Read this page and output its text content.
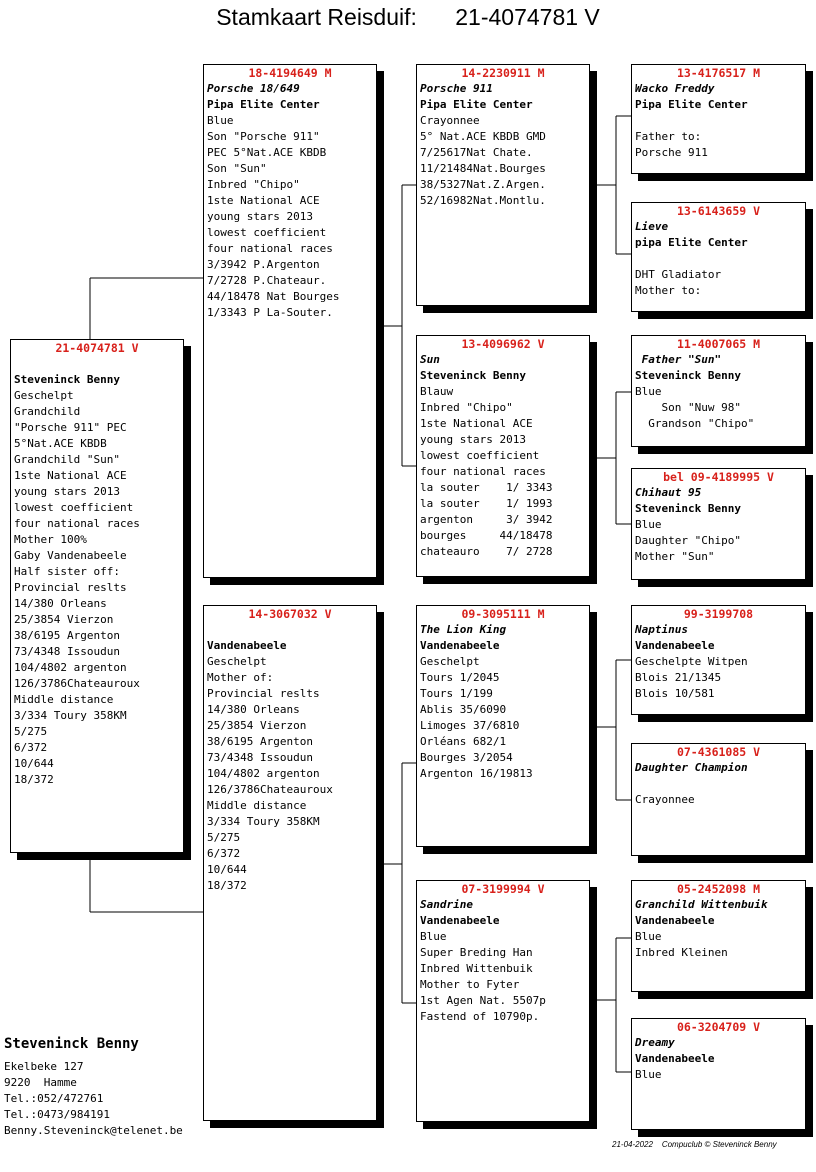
Stamkaart Reisduif:      21-4074781 V
21-4074781 V
Steveninck Benny
Geschelpt
Grandchild
"Porsche 911" PEC
5°Nat.ACE KBDB
Grandchild "Sun"
1ste National ACE
young stars 2013
lowest coefficient
four national races
Mother 100%
Gaby Vandenabeele
Half sister off:
Provincial reslts
14/380 Orleans
25/3854 Vierzon
38/6195 Argenton
73/4348 Issoudun
104/4802 argenton
126/3786Chateauroux
Middle distance
3/334 Toury 358KM
5/275
6/372
10/644
18/372
18-4194649 M
Porsche 18/649
Pipa Elite Center
Blue
Son "Porsche 911"
PEC 5°Nat.ACE KBDB
Son "Sun"
Inbred "Chipo"
1ste National ACE
young stars 2013
lowest coefficient
four national races
3/3942 P.Argenton
7/2728 P.Chateaur.
44/18478 Nat Bourges
1/3343 P La-Souter.
14-3067032 V
Vandenabeele
Geschelpt
Mother of:
Provincial reslts
14/380 Orleans
25/3854 Vierzon
38/6195 Argenton
73/4348 Issoudun
104/4802 argenton
126/3786Chateauroux
Middle distance
3/334 Toury 358KM
5/275
6/372
10/644
18/372
14-2230911 M
Porsche 911
Pipa Elite Center
Crayonnee
5° Nat.ACE KBDB GMD
7/25617Nat Chate.
11/21484Nat.Bourges
38/5327Nat.Z.Argen.
52/16982Nat.Montlu.
13-4096962 V
Sun
Steveninck Benny
Blauw
Inbred "Chipo"
1ste National ACE
young stars 2013
lowest coefficient
four national races
la souter    1/ 3343
la souter    1/ 1993
argenton     3/ 3942
bourges     44/18478
chateauro    7/ 2728
09-3095111 M
The Lion King
Vandenabeele
Geschelpt
Tours 1/2045
Tours 1/199
Ablis 35/6090
Limoges 37/6810
Orléans 682/1
Bourges 3/2054
Argenton 16/19813
07-3199994 V
Sandrine
Vandenabeele
Blue
Super Breding Han
Inbred Wittenbuik
Mother to Fyter
1st Agen Nat. 5507p
Fastend of 10790p.
13-4176517 M
Wacko Freddy
Pipa Elite Center
Father to:
Porsche 911
13-6143659 V
Lieve
pipa Elite Center
DHT Gladiator
Mother to:
11-4007065 M
Father "Sun"
Steveninck Benny
Blue
Son "Nuw 98"
Grandson "Chipo"
bel 09-4189995 V
Chihaut 95
Steveninck Benny
Blue
Daughter "Chipo"
Mother "Sun"
99-3199708
Naptinus
Vandenabeele
Geschelpte Witpen
Blois 21/1345
Blois 10/581
07-4361085 V
Daughter Champion
Crayonnee
05-2452098 M
Granchild Wittenbuik
Vandenabeele
Blue
Inbred Kleinen
06-3204709 V
Dreamy
Vandenabeele
Blue
Steveninck Benny
Ekelbeke 127
9220  Hamme
Tel.:052/472761
Tel.:0473/984191
Benny.Steveninck@telenet.be
21-04-2022    Compuclub © Steveninck Benny
